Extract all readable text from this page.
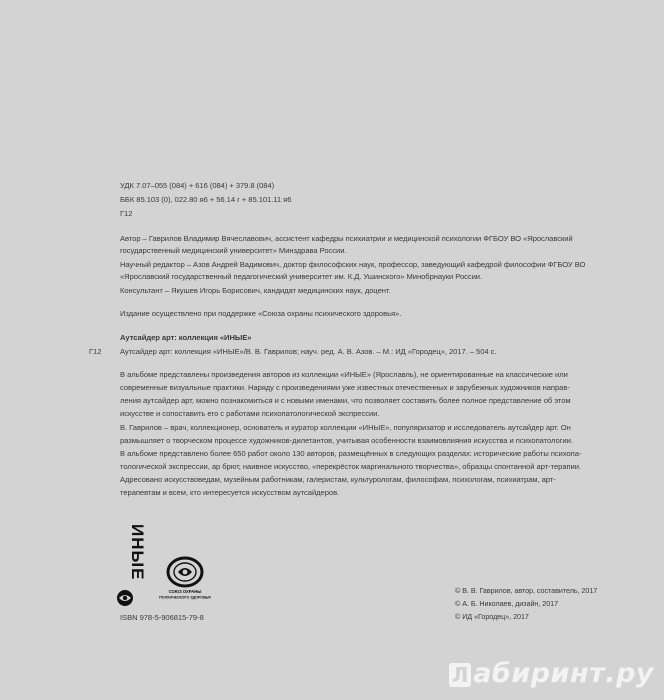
УДК 7.07–055 (084) + 616 (084) + 379.8 (084)
ББК 85.103 (0), 022.80 я6 + 56.14 г + 85.101.11 я6
Г12
Автор – Гаврилов Владимир Вячеславович, ассистент кафедры психиатрии и медицинской психологии ФГБОУ ВО «Ярославский
государственный медицинский университет» Минздрава России.
Научный редактор – Азов Андрей Вадимович, доктор философских наук, профессор, заведующий кафедрой философии ФГБОУ ВО
«Ярославский государственный педагогический университет им. К.Д. Ушинского» Минобрнауки России.
Консультант – Якушев Игорь Борисович, кандидат медицинских наук, доцент.
Издание осуществлено при поддержке «Союза охраны психического здоровья».
Аутсайдер арт: коллекция «ИНЫЕ»
Г12 Аутсайдер арт: коллекция «ИНЫЕ»/В. В. Гаврилов; науч. ред. А. В. Азов. – М.: ИД «Городец», 2017. – 504 с.
В альбоме представлены произведения авторов из коллекции «ИНЫЕ» (Ярославль), не ориентированные на классические или
современные визуальные практики. Наряду с произведениями уже известных отечественных и зарубежных художников направ-
ления аутсайдер арт, можно познакомиться и с новыми именами, что позволяет составить более полное представление об этом
искусстве и сопоставить его с работами психопатологической экспрессии.
В. Гаврилов – врач, коллекционер, основатель и куратор коллекции «ИНЫЕ», популяризатор и исследователь аутсайдер арт. Он
размышляет о творческом процессе художников-дилетантов, учитывая особенности взаимовлияния искусства и психопатологии.
В альбоме представлено более 650 работ около 130 авторов, размещённых в следующих разделах: исторические работы психопа-
тологической экспрессии, ар брют, наивное искусство, «перекрёсток маргинального творчества», образцы спонтанной арт-терапии.
Адресовано искусствоведам, музейным работникам, галеристам, культурологам, философам, психологам, психиатрам, арт-
терапевтам и всем, кто интересуется искусством аутсайдеров.
ИНЫЕ
СОЮЗ ОХРАНЫ
ПСИХИЧЕСКОГО ЗДОРОВЬЯ
© В. В. Гаврилов, автор, составитель, 2017
© А. Б. Николаев, дизайн, 2017
© ИД «Городец», 2017
ISBN 978-5-906815-79-8
Л абиринт.ру
